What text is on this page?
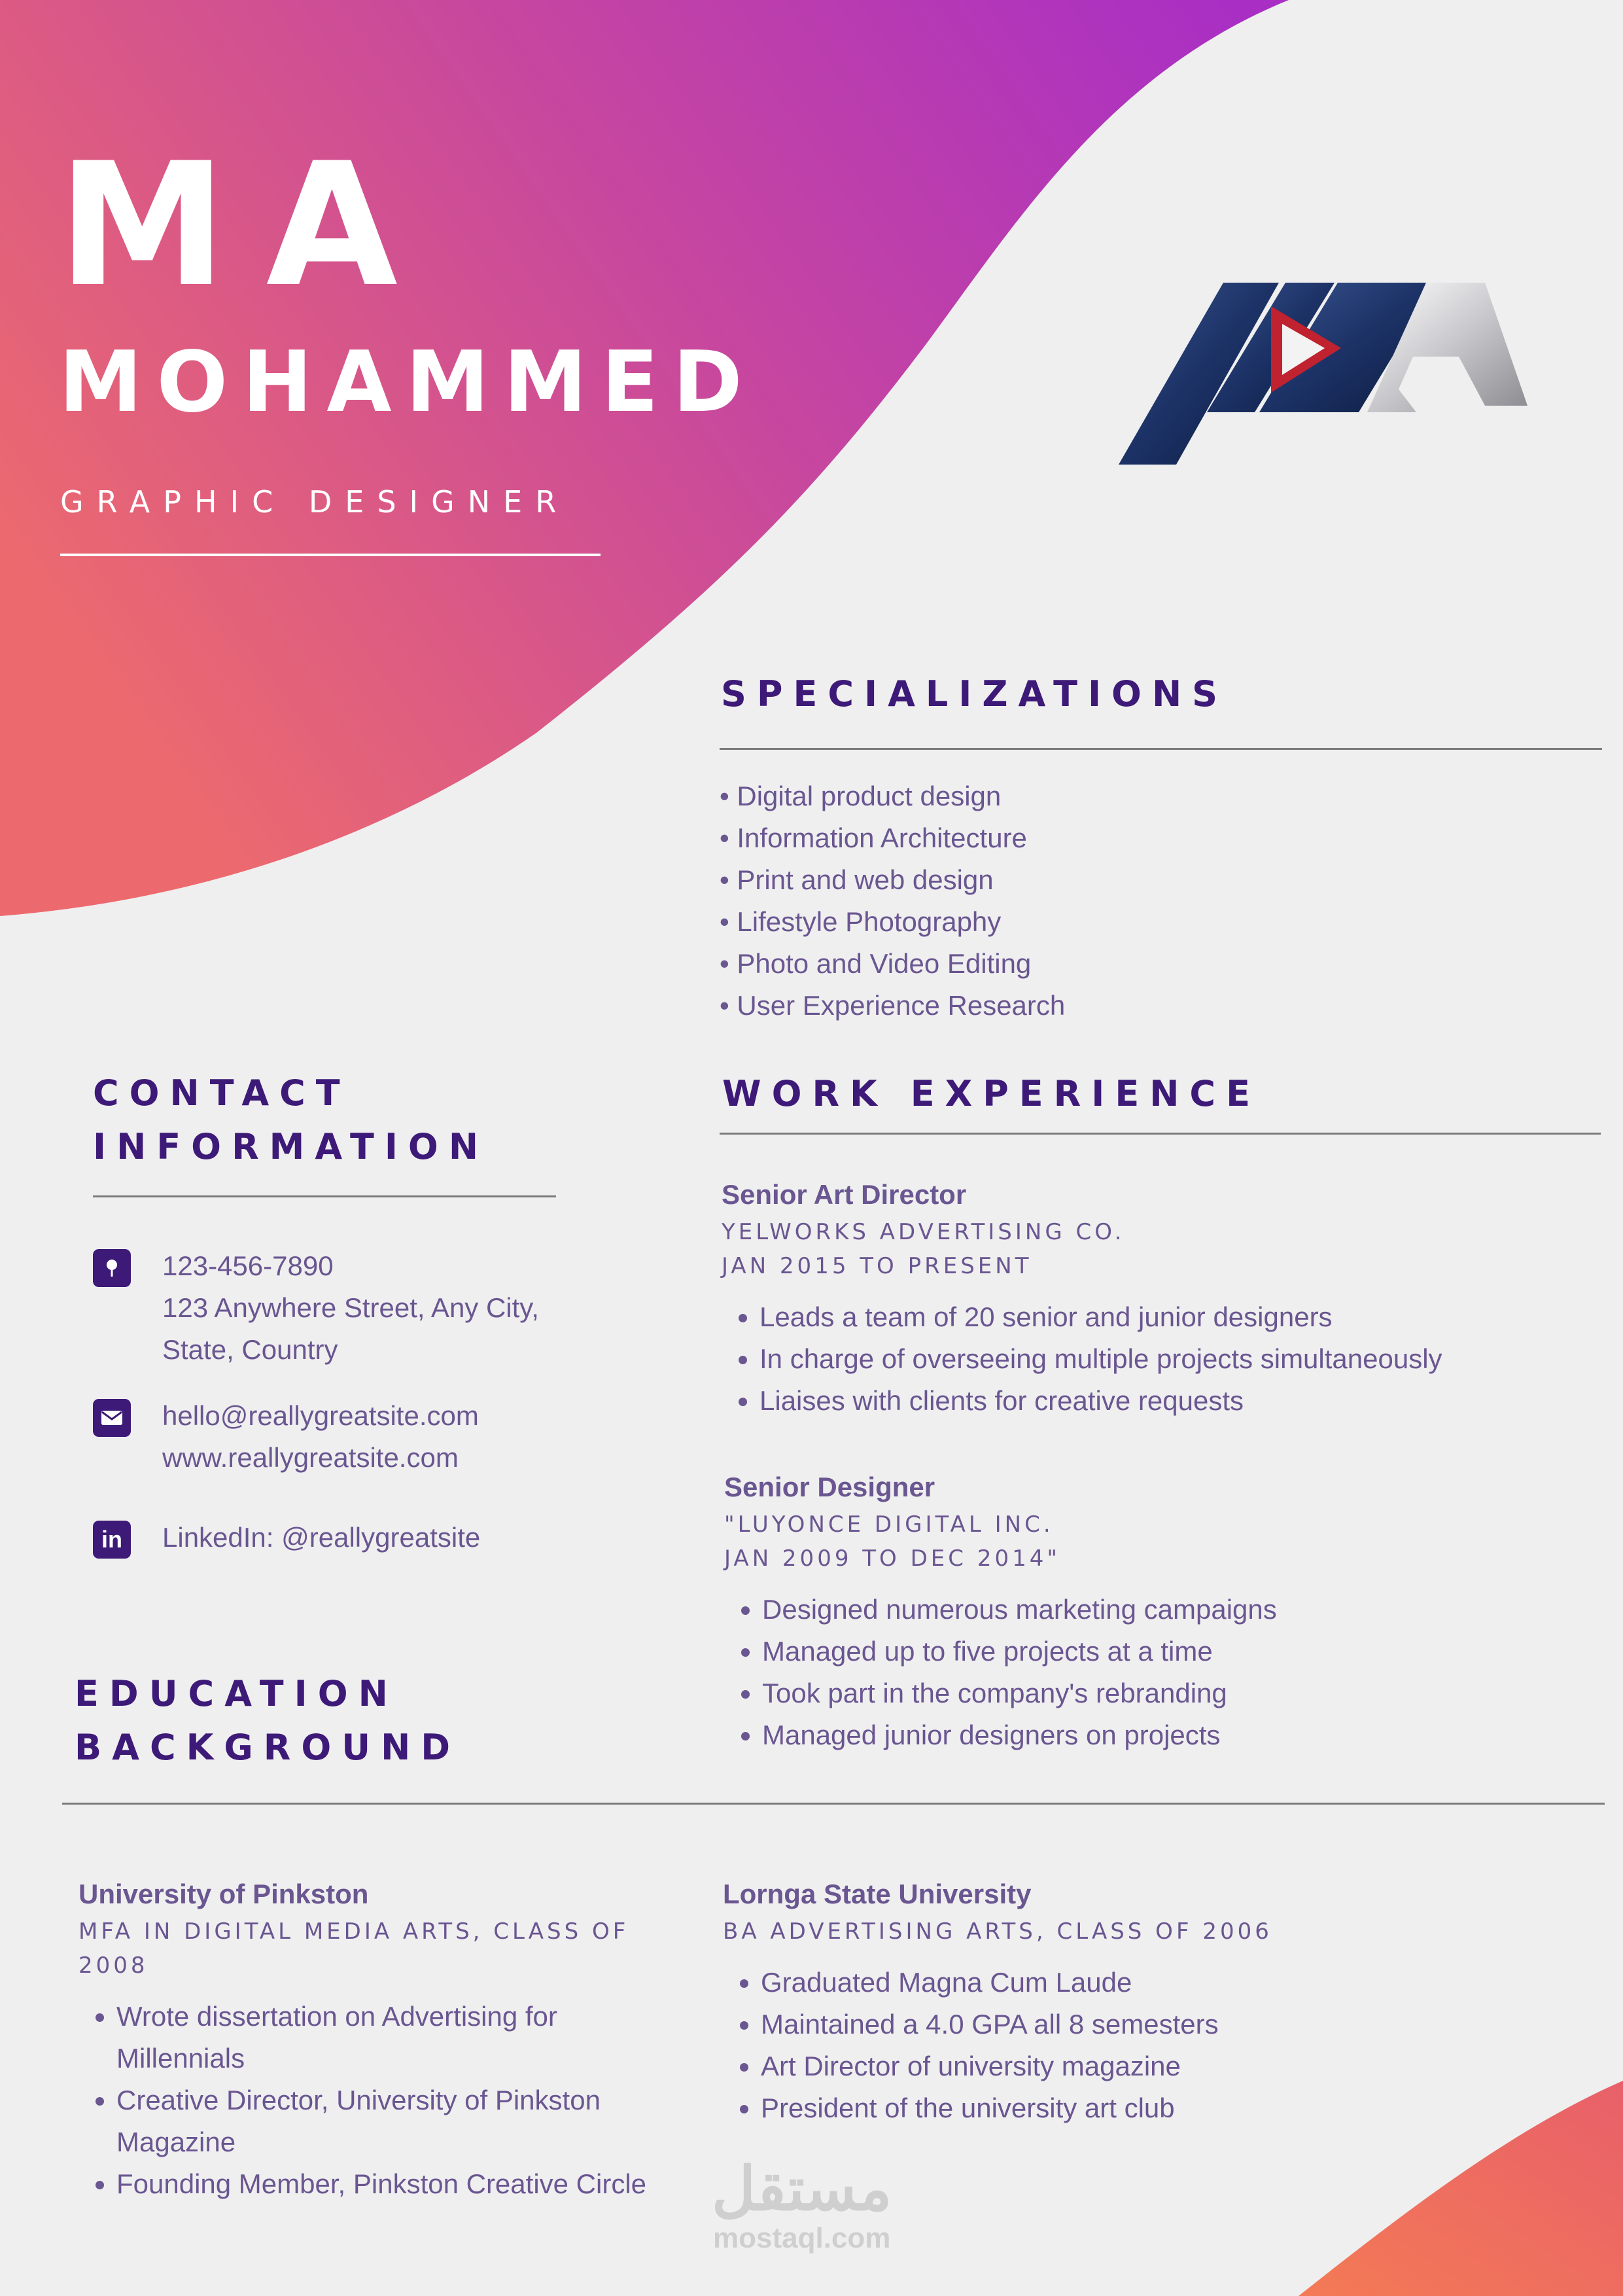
MA
MOHAMMED
GRAPHIC DESIGNER
SPECIALIZATIONS
• Digital product design
• Information Architecture
• Print and web design
• Lifestyle Photography
• Photo and Video Editing
• User Experience Research
CONTACT
INFORMATION
123-456-7890
123 Anywhere Street, Any City,
State, Country
hello@reallygreatsite.com
www.reallygreatsite.com
in	LinkedIn: @reallygreatsite
WORK EXPERIENCE
Senior Art Director
YELWORKS ADVERTISING CO.
JAN 2015 TO PRESENT
• Leads a team of 20 senior and junior designers
• In charge of overseeing multiple projects simultaneously
• Liaises with clients for creative requests
Senior Designer
"LUYONCE DIGITAL INC.
JAN 2009 TO DEC 2014"
• Designed numerous marketing campaigns
• Managed up to five projects at a time
• Took part in the company's rebranding
• Managed junior designers on projects
EDUCATION
BACKGROUND
University of Pinkston
MFA IN DIGITAL MEDIA ARTS, CLASS OF 2008
• Wrote dissertation on Advertising for Millennials
• Creative Director, University of Pinkston Magazine
• Founding Member, Pinkston Creative Circle
Lornga State University
BA ADVERTISING ARTS, CLASS OF 2006
• Graduated Magna Cum Laude
• Maintained a 4.0 GPA all 8 semesters
• Art Director of university magazine
• President of the university art club
مستقل
mostaql.com
